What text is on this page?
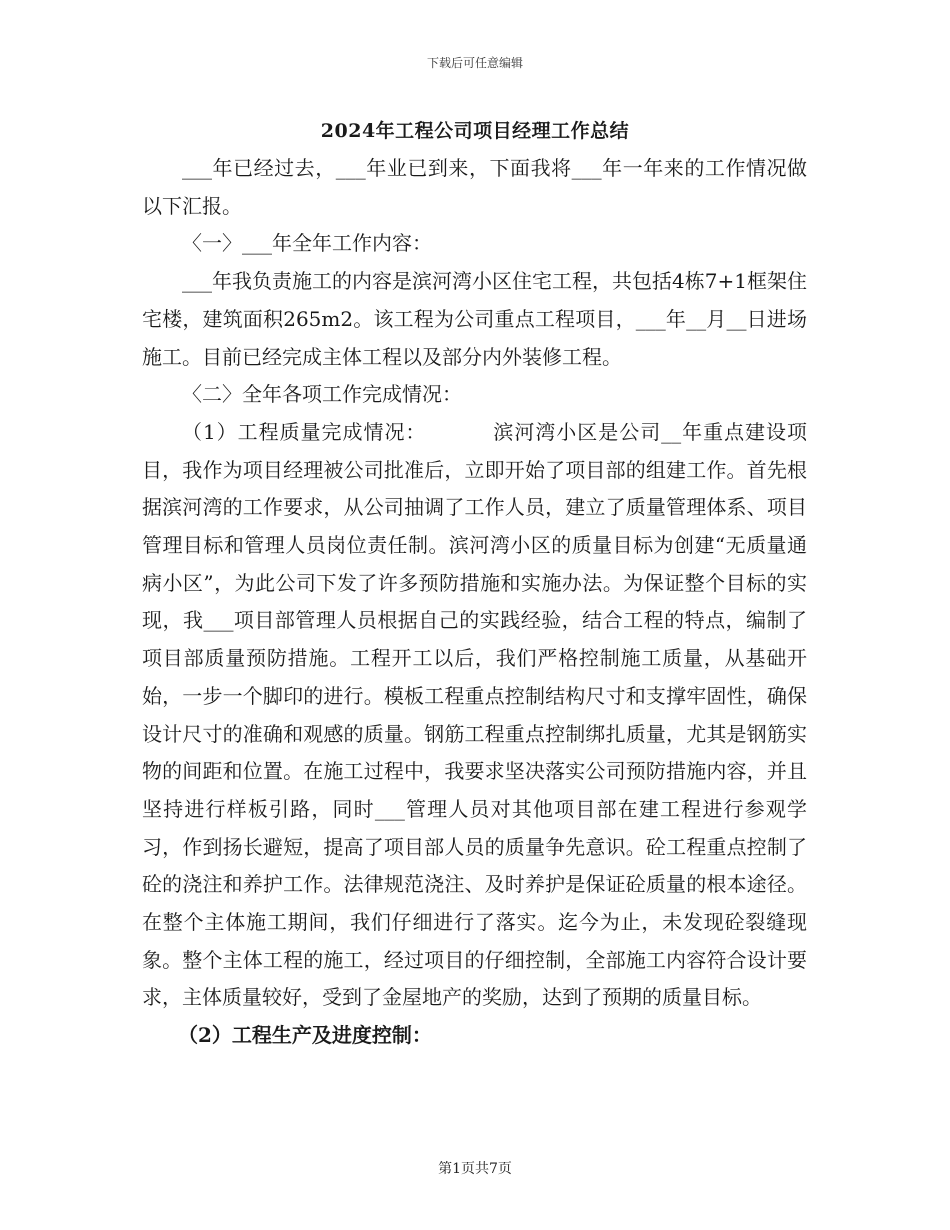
下载后可任意编辑
2024年工程公司项目经理工作总结

___年已经过去，___年业已到来，下面我将___年一年来的工作情况做以下汇报。

〈一〉___年全年工作内容：

___年我负责施工的内容是滨河湾小区住宅工程，共包括4栋7+1框架住宅楼，建筑面积265m2。该工程为公司重点工程项目，___年__月__日进场施工。目前已经完成主体工程以及部分内外装修工程。

〈二〉全年各项工作完成情况：

（1）工程质量完成情况：	滨河湾小区是公司__年重点建设项目，我作为项目经理被公司批准后，立即开始了项目部的组建工作。首先根据滨河湾的工作要求，从公司抽调了工作人员，建立了质量管理体系、项目管理目标和管理人员岗位责任制。滨河湾小区的质量目标为创建“无质量通病小区”，为此公司下发了许多预防措施和实施办法。为保证整个目标的实现，我___项目部管理人员根据自己的实践经验，结合工程的特点，编制了项目部质量预防措施。工程开工以后，我们严格控制施工质量，从基础开始，一步一个脚印的进行。模板工程重点控制结构尺寸和支撑牢固性，确保设计尺寸的准确和观感的质量。钢筋工程重点控制绑扎质量，尤其是钢筋实物的间距和位置。在施工过程中，我要求坚决落实公司预防措施内容，并且坚持进行样板引路，同时___管理人员对其他项目部在建工程进行参观学习，作到扬长避短，提高了项目部人员的质量争先意识。砼工程重点控制了砼的浇注和养护工作。法律规范浇注、及时养护是保证砼质量的根本途径。在整个主体施工期间，我们仔细进行了落实。迄今为止，未发现砼裂缝现象。整个主体工程的施工，经过项目的仔细控制，全部施工内容符合设计要求，主体质量较好，受到了金屋地产的奖励，达到了预期的质量目标。

（2）工程生产及进度控制：

第1页共7页
